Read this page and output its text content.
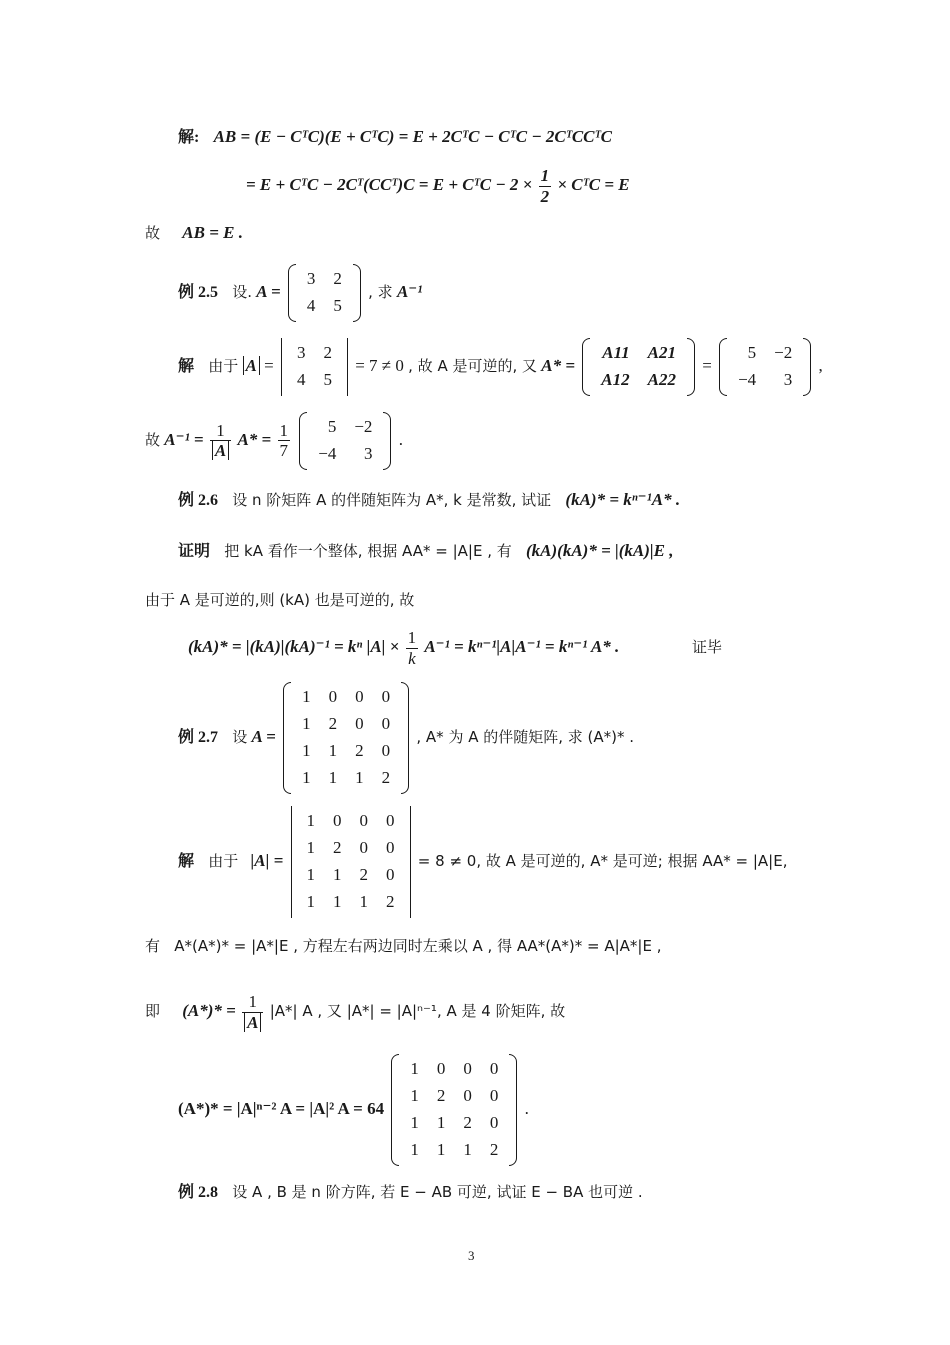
解: AB = (E − CᵀC)(E + CᵀC) = E + 2CᵀC − CᵀC − 2CᵀCCᵀC
= E + CᵀC − 2Cᵀ(CCᵀ)C = E + CᵀC − $2 \times \frac{1}{2}$ × CᵀC = E
故 AB = E .
例 2.5 设. A =
3	2
4	5
, 求 A⁻¹
解 由于 A =
3	2
4	5
= 7 ≠ 0 , 故 A 是可逆的, 又 A* =
A11	A21
A12	A22
=
5	−2
−4	3
,
故 $A^{-1} = \frac{1}{A} A* = \frac{1}{7}$
5	−2
−4	3
.
例 2.6 设 n 阶矩阵 A 的伴随矩阵为 A*, k 是常数, 试证 (kA)* = kⁿ⁻¹A* .
证明 把 kA 看作一个整体, 根据 AA* = |A|E , 有 (kA)(kA)* = |(kA)|E ,
由于 A 是可逆的,则 (kA) 也是可逆的, 故
(kA)* = |(kA)|(kA)⁻¹ = kⁿ $|A| \times \frac{1}{k} A^{-1} = k^{n-1}|A|A^{-1} = k^{n-1}$ A* .	证毕
例 2.7 设 A =
1	0	0	0
1	2	0	0
1	1	2	0
1	1	1	2
, A* 为 A 的伴随矩阵, 求 (A*)* .
解 由于 |A| =
1	0	0	0
1	2	0	0
1	1	2	0
1	1	1	2
= 8 ≠ 0, 故 A 是可逆的, A* 是可逆; 根据 AA* = |A|E,
有 A*(A*)* = |A*|E , 方程左右两边同时左乘以 A , 得 AA*(A*)* = A|A*|E ,
即 $(A*)* = \frac{1}{A} |A*|$ A , 又 |A*| = |A|ⁿ⁻¹, A 是 4 阶矩阵, 故
(A*)* = |A|ⁿ⁻² A = |A|² A = 64
1	0	0	0
1	2	0	0
1	1	2	0
1	1	1	2
.
例 2.8 设 A , B 是 n 阶方阵, 若 E − AB 可逆, 试证 E − BA 也可逆 .
3
